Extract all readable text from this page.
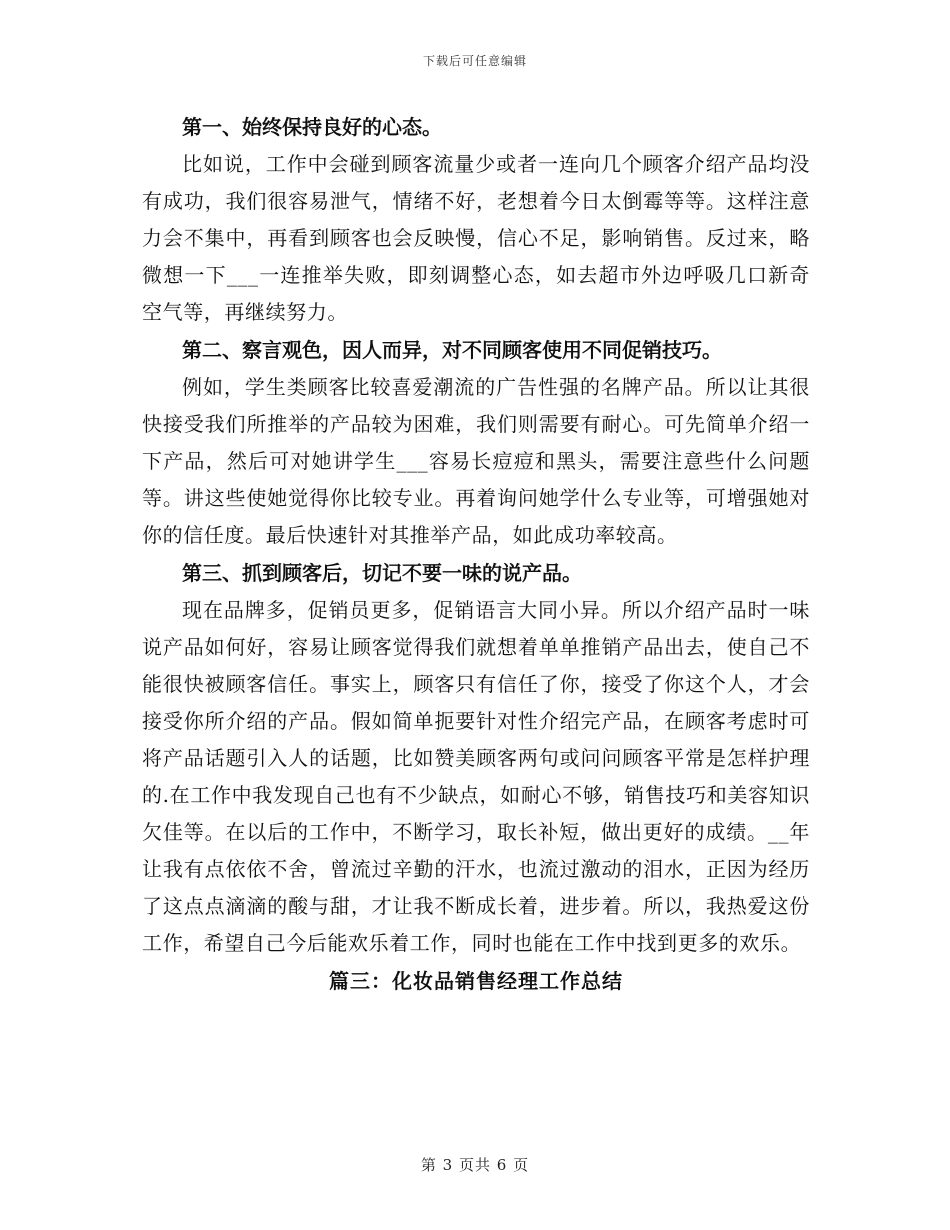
下载后可任意编辑

第一、始终保持良好的心态。

比如说，工作中会碰到顾客流量少或者一连向几个顾客介绍产品均没有成功，我们很容易泄气，情绪不好，老想着今日太倒霉等等。这样注意力会不集中，再看到顾客也会反映慢，信心不足，影响销售。反过来，略微想一下___一连推举失败，即刻调整心态，如去超市外边呼吸几口新奇空气等，再继续努力。

第二、察言观色，因人而异，对不同顾客使用不同促销技巧。

例如，学生类顾客比较喜爱潮流的广告性强的名牌产品。所以让其很快接受我们所推举的产品较为困难，我们则需要有耐心。可先简单介绍一下产品，然后可对她讲学生___容易长痘痘和黑头，需要注意些什么问题等。讲这些使她觉得你比较专业。再着询问她学什么专业等，可增强她对你的信任度。最后快速针对其推举产品，如此成功率较高。

第三、抓到顾客后，切记不要一味的说产品。

现在品牌多，促销员更多，促销语言大同小异。所以介绍产品时一味说产品如何好，容易让顾客觉得我们就想着单单推销产品出去，使自己不能很快被顾客信任。事实上，顾客只有信任了你，接受了你这个人，才会接受你所介绍的产品。假如简单扼要针对性介绍完产品，在顾客考虑时可将产品话题引入人的话题，比如赞美顾客两句或问问顾客平常是怎样护理的.在工作中我发现自己也有不少缺点，如耐心不够，销售技巧和美容知识欠佳等。在以后的工作中，不断学习，取长补短，做出更好的成绩。__年让我有点依依不舍，曾流过辛勤的汗水，也流过激动的泪水，正因为经历了这点点滴滴的酸与甜，才让我不断成长着，进步着。所以，我热爱这份工作，希望自己今后能欢乐着工作，同时也能在工作中找到更多的欢乐。

篇三：化妆品销售经理工作总结

第 3 页共 6 页
